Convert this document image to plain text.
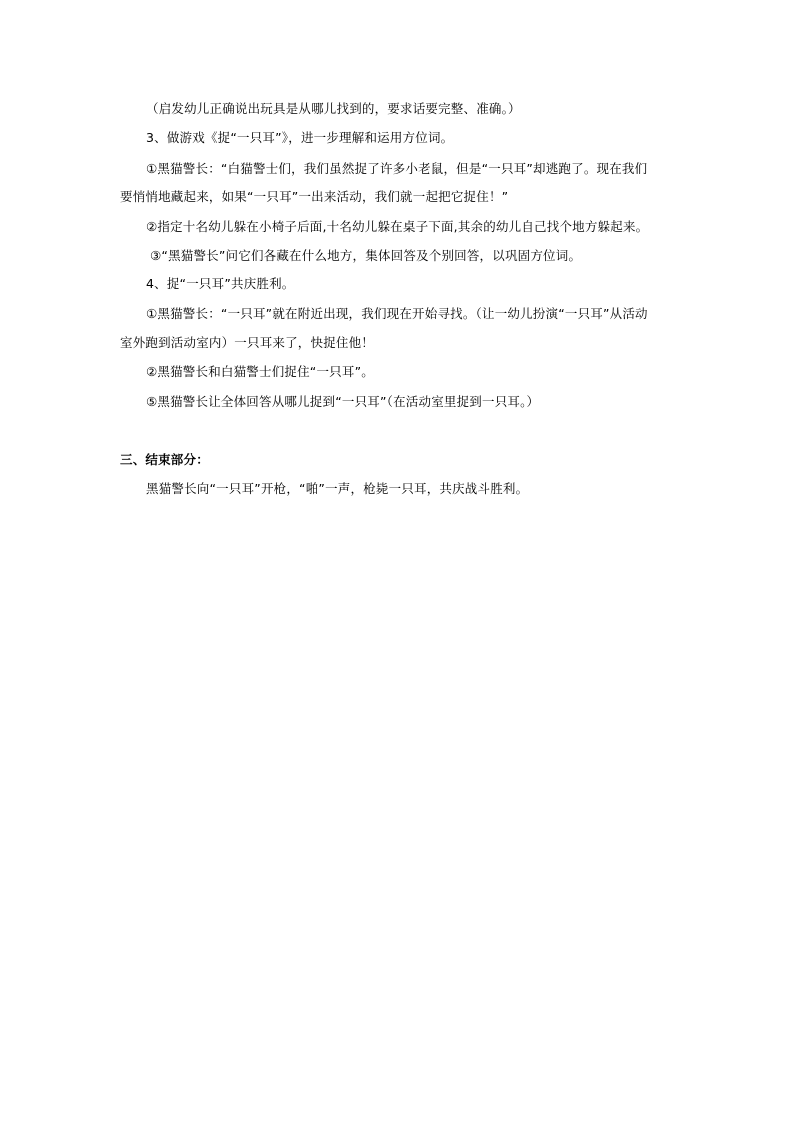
（启发幼儿正确说出玩具是从哪儿找到的，要求话要完整、准确。）
3、做游戏《捉“一只耳”》，进一步理解和运用方位词。
①黑猫警长：“白猫警士们，我们虽然捉了许多小老鼠，但是“一只耳”却逃跑了。现在我们
要悄悄地藏起来，如果“一只耳”一出来活动，我们就一起把它捉住！”
②指定十名幼儿躲在小椅子后面,十名幼儿躲在桌子下面,其余的幼儿自己找个地方躲起来。
③“黑猫警长”问它们各藏在什么地方，集体回答及个别回答，以巩固方位词。
4、捉“一只耳”共庆胜利。
①黑猫警长：“一只耳”就在附近出现，我们现在开始寻找。（让一幼儿扮演“一只耳”从活动
室外跑到活动室内）一只耳来了，快捉住他！
②黑猫警长和白猫警士们捉住“一只耳”。
⑤黑猫警长让全体回答从哪儿捉到“一只耳”（在活动室里捉到一只耳。）
三、结束部分：
黑猫警长向“一只耳”开枪，“啪”一声，枪毙一只耳，共庆战斗胜利。
